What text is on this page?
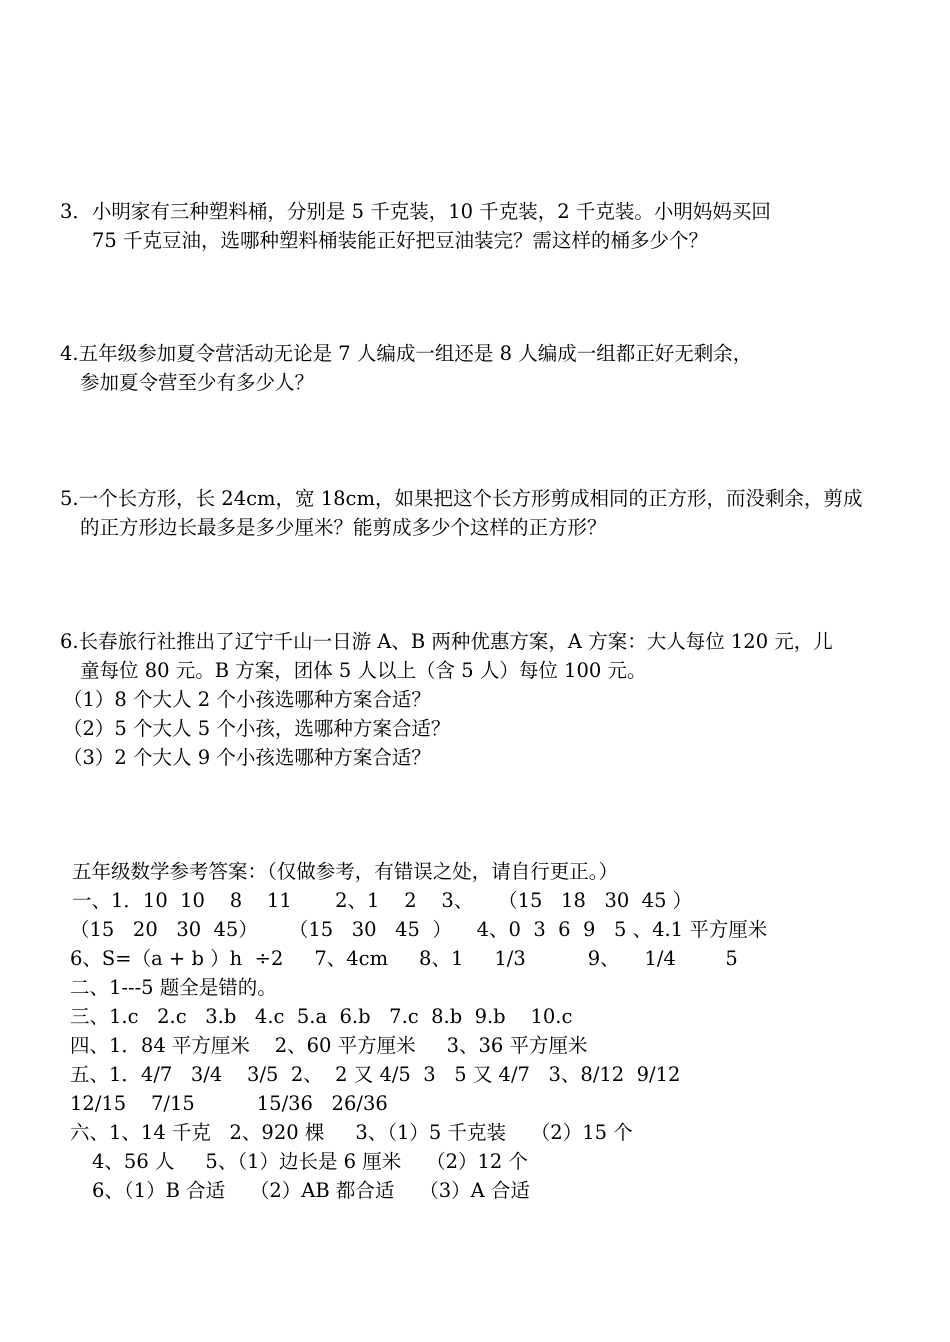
3．小明家有三种塑料桶，分别是 5 千克装，10 千克装，2 千克装。小明妈妈买回
75 千克豆油，选哪种塑料桶装能正好把豆油装完？需这样的桶多少个？
4.五年级参加夏令营活动无论是 7 人编成一组还是 8 人编成一组都正好无剩余，
参加夏令营至少有多少人？
5.一个长方形，长 24cm，宽 18cm，如果把这个长方形剪成相同的正方形，而没剩余，剪成
的正方形边长最多是多少厘米？能剪成多少个这样的正方形？
6.长春旅行社推出了辽宁千山一日游 A、B 两种优惠方案，A 方案：大人每位 120 元，儿
童每位 80 元。B 方案，团体 5 人以上（含 5 人）每位 100 元。
（1）8 个大人 2 个小孩选哪种方案合适？
（2）5 个大人 5 个小孩，选哪种方案合适？
（3）2 个大人 9 个小孩选哪种方案合适？
五年级数学参考答案：（仅做参考，有错误之处，请自行更正。）
一、1．10  10    8    11       2、1    2    3、    （15   18   30  45 ）
（15   20   30  45）     （15   30   45  ）    4、0  3  6  9   5 、4.1 平方厘米
6、S=（a + b ）h  ÷2     7、4cm     8、1     1/3          9、    1/4        5
二、1---5 题全是错的。
三、1.c   2.c   3.b   4.c  5.a  6.b   7.c  8.b  9.b    10.c
四、1．84 平方厘米    2、60 平方厘米     3、36 平方厘米
五、1．4/7   3/4    3/5  2、  2 又 4/5  3   5 又 4/7   3、8/12  9/12
12/15    7/15          15/36   26/36
六、1、14 千克   2、920 棵     3、（1）5 千克装    （2）15 个
4、56 人     5、（1）边长是 6 厘米    （2）12 个
6、（1）B 合适    （2）AB 都合适    （3）A 合适
